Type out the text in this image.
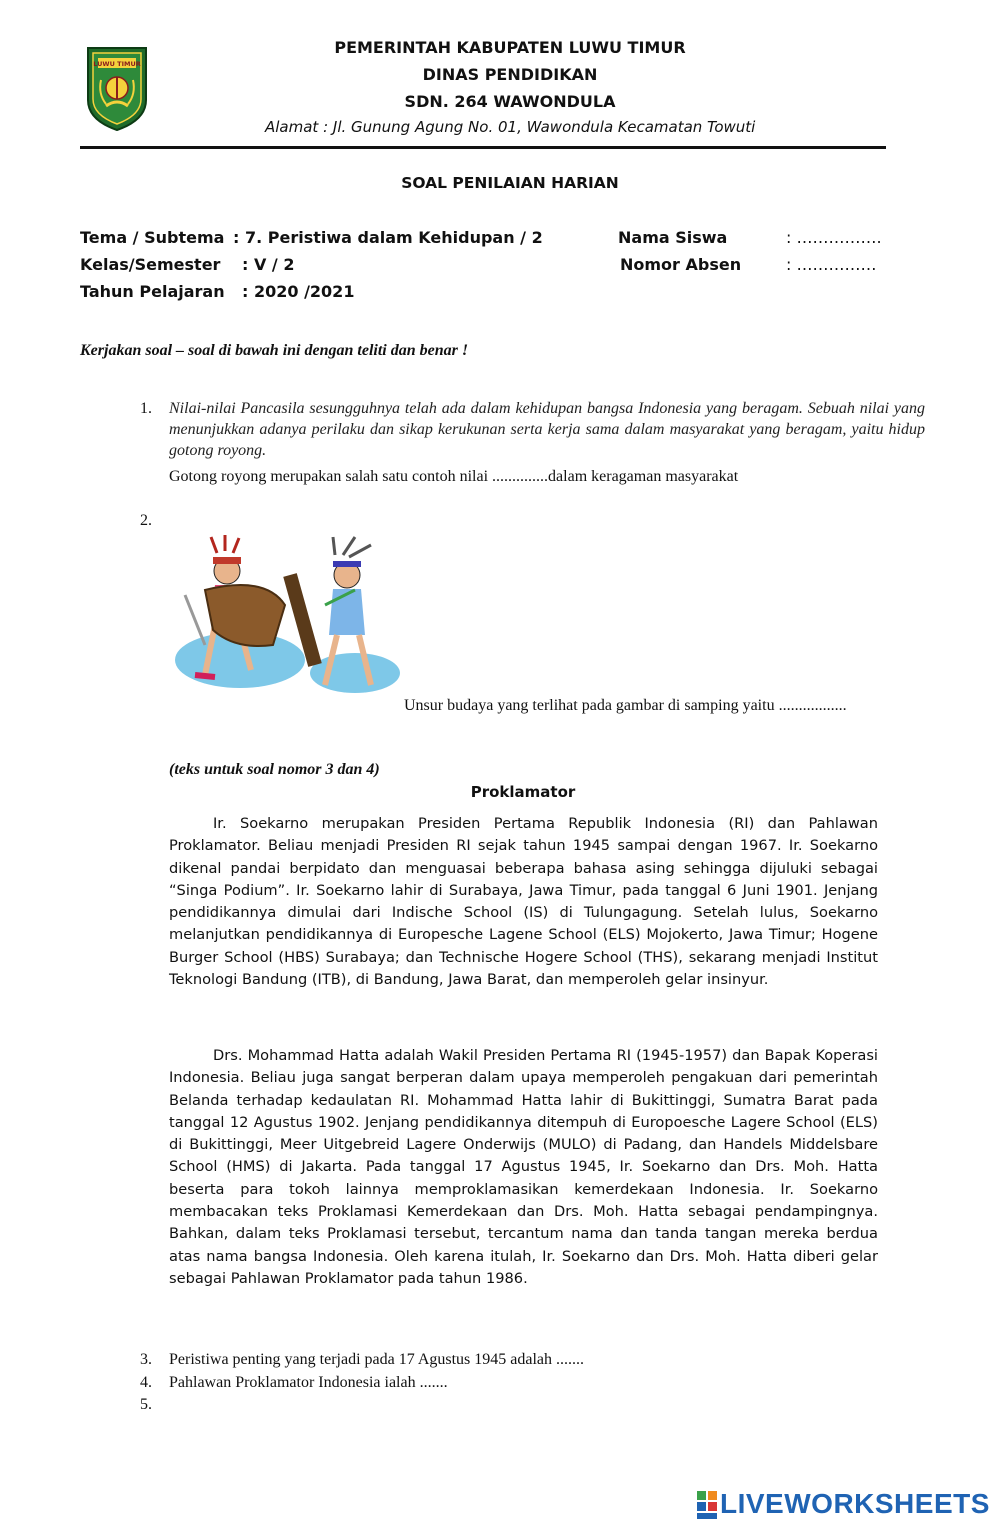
LUWU TIMUR
PEMERINTAH KABUPATEN LUWU TIMUR
DINAS PENDIDIKAN
SDN. 264 WAWONDULA
Alamat : Jl. Gunung Agung No. 01, Wawondula Kecamatan Towuti
SOAL PENILAIAN HARIAN
Tema / Subtema : 7. Peristiwa dalam Kehidupan / 2
Kelas/Semester : V / 2
Tahun Pelajaran : 2020 /2021
Nama Siswa	: …………….
Nomor Absen	: ……………
Kerjakan soal – soal di bawah ini dengan teliti dan benar !
1. Nilai-nilai Pancasila sesungguhnya telah ada dalam kehidupan bangsa Indonesia yang beragam. Sebuah nilai yang menunjukkan adanya perilaku dan sikap kerukunan serta kerja sama dalam masyarakat yang beragam, yaitu hidup gotong royong.
Gotong royong merupakan salah satu contoh nilai ..............dalam keragaman masyarakat
2.
Unsur budaya yang terlihat pada gambar di samping yaitu .................
(teks untuk soal nomor 3 dan 4)
Proklamator
Ir. Soekarno merupakan Presiden Pertama Republik Indonesia (RI) dan Pahlawan Proklamator. Beliau menjadi Presiden RI sejak tahun 1945 sampai dengan 1967. Ir. Soekarno dikenal pandai berpidato dan menguasai beberapa bahasa asing sehingga dijuluki sebagai “Singa Podium”. Ir. Soekarno lahir di Surabaya, Jawa Timur, pada tanggal 6 Juni 1901. Jenjang pendidikannya dimulai dari Indische School (IS) di Tulungagung. Setelah lulus, Soekarno melanjutkan pendidikannya di Europesche Lagene School (ELS) Mojokerto, Jawa Timur; Hogene Burger School (HBS) Surabaya; dan Technische Hogere School (THS), sekarang menjadi Institut Teknologi Bandung (ITB), di Bandung, Jawa Barat, dan memperoleh gelar insinyur.
Drs. Mohammad Hatta adalah Wakil Presiden Pertama RI (1945-1957) dan Bapak Koperasi Indonesia. Beliau juga sangat berperan dalam upaya memperoleh pengakuan dari pemerintah Belanda terhadap kedaulatan RI. Mohammad Hatta lahir di Bukittinggi, Sumatra Barat pada tanggal 12 Agustus 1902. Jenjang pendidikannya ditempuh di Europoesche Lagere School (ELS) di Bukittinggi, Meer Uitgebreid Lagere Onderwijs (MULO) di Padang, dan Handels Middelsbare School (HMS) di Jakarta. Pada tanggal 17 Agustus 1945, Ir. Soekarno dan Drs. Moh. Hatta beserta para tokoh lainnya memproklamasikan kemerdekaan Indonesia. Ir. Soekarno membacakan teks Proklamasi Kemerdekaan dan Drs. Moh. Hatta sebagai pendampingnya. Bahkan, dalam teks Proklamasi tersebut, tercantum nama dan tanda tangan mereka berdua atas nama bangsa Indonesia. Oleh karena itulah, Ir. Soekarno dan Drs. Moh. Hatta diberi gelar sebagai Pahlawan Proklamator pada tahun 1986.
3. Peristiwa penting yang terjadi pada 17 Agustus 1945 adalah .......
4. Pahlawan Proklamator Indonesia ialah .......
5.
LIVEWORKSHEETS
